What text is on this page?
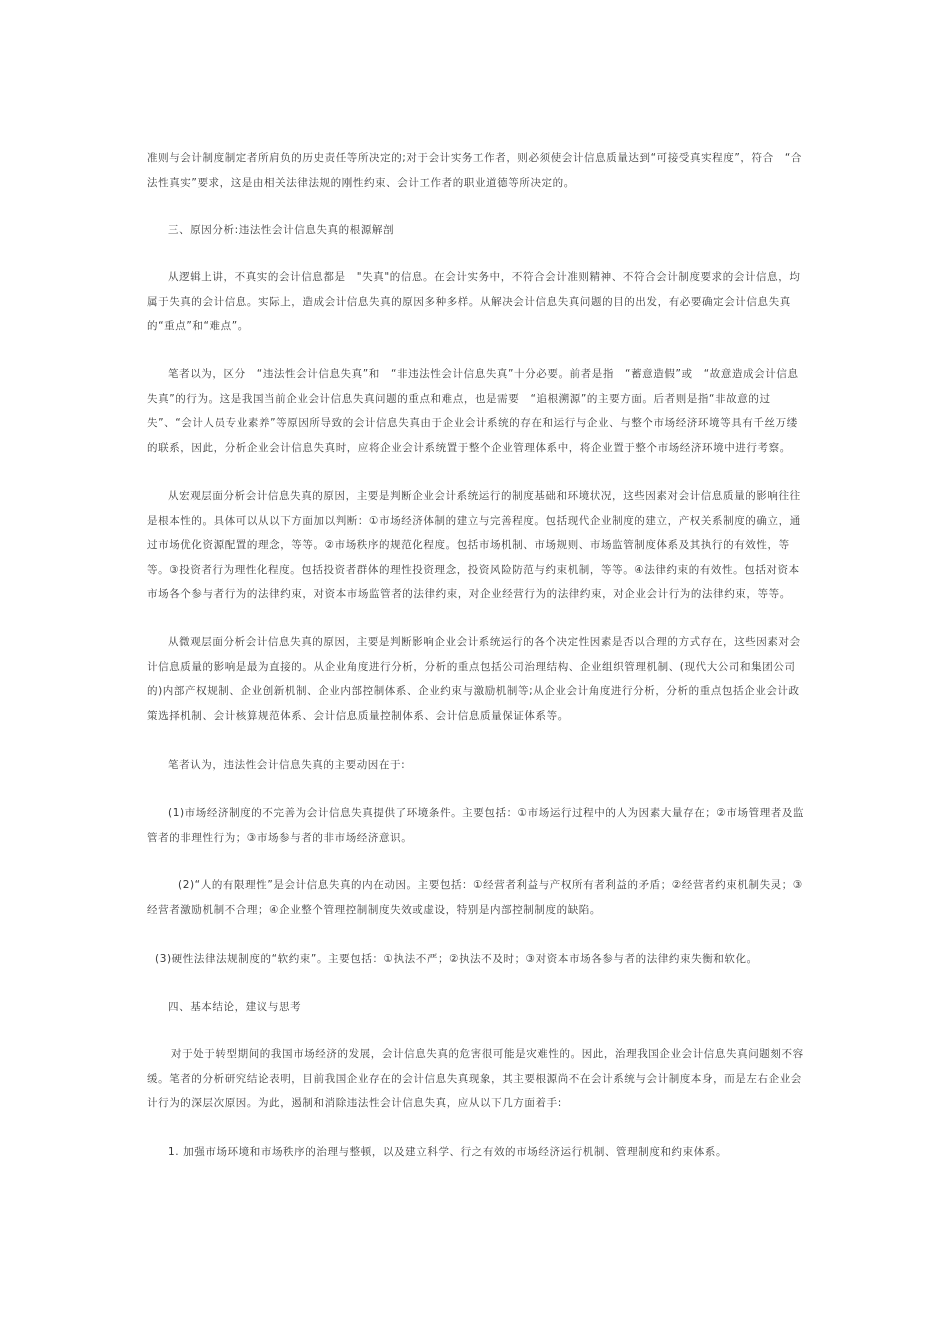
准则与会计制度制定者所肩负的历史责任等所决定的;对于会计实务工作者，则必须使会计信息质量达到“可接受真实程度”，符合　“合法性真实”要求，这是由相关法律法规的刚性约束、会计工作者的职业道德等所决定的。

三、原因分析:违法性会计信息失真的根源解剖

从逻辑上讲，不真实的会计信息都是　"失真"的信息。在会计实务中，不符合会计准则精神、不符合会计制度要求的会计信息，均属于失真的会计信息。实际上，造成会计信息失真的原因多种多样。从解决会计信息失真问题的目的出发，有必要确定会计信息失真的“重点”和“难点”。

笔者以为，区分　“违法性会计信息失真”和　“非违法性会计信息失真”十分必要。前者是指　“蓄意造假”或　“故意造成会计信息失真”的行为。这是我国当前企业会计信息失真问题的重点和难点，也是需要　“追根溯源”的主要方面。后者则是指“非故意的过失”、“会计人员专业素养”等原因所导致的会计信息失真由于企业会计系统的存在和运行与企业、与整个市场经济环境等具有千丝万缕的联系，因此，分析企业会计信息失真时，应将企业会计系统置于整个企业管理体系中，将企业置于整个市场经济环境中进行考察。

从宏观层面分析会计信息失真的原因，主要是判断企业会计系统运行的制度基础和环境状况，这些因素对会计信息质量的影响往往是根本性的。具体可以从以下方面加以判断：①市场经济体制的建立与完善程度。包括现代企业制度的建立，产权关系制度的确立，通过市场优化资源配置的理念，等等。②市场秩序的规范化程度。包括市场机制、市场规则、市场监管制度体系及其执行的有效性，等等。③投资者行为理性化程度。包括投资者群体的理性投资理念，投资风险防范与约束机制，等等。④法律约束的有效性。包括对资本市场各个参与者行为的法律约束，对资本市场监管者的法律约束，对企业经营行为的法律约束，对企业会计行为的法律约束，等等。

从微观层面分析会计信息失真的原因，主要是判断影响企业会计系统运行的各个决定性因素是否以合理的方式存在，这些因素对会计信息质量的影响是最为直接的。从企业角度进行分析，分析的重点包括公司治理结构、企业组织管理机制、(现代大公司和集团公司的)内部产权规制、企业创新机制、企业内部控制体系、企业约束与激励机制等;从企业会计角度进行分析，分析的重点包括企业会计政策选择机制、会计核算规范体系、会计信息质量控制体系、会计信息质量保证体系等。

笔者认为，违法性会计信息失真的主要动因在于:

(1)市场经济制度的不完善为会计信息失真提供了环境条件。主要包括：①市场运行过程中的人为因素大量存在；②市场管理者及监管者的非理性行为；③市场参与者的非市场经济意识。

(2)“人的有限理性”是会计信息失真的内在动因。主要包括：①经营者利益与产权所有者利益的矛盾；②经营者约束机制失灵；③经营者激励机制不合理；④企业整个管理控制制度失效或虚设，特别是内部控制制度的缺陷。

(3)硬性法律法规制度的“软约束”。主要包括：①执法不严；②执法不及时；③对资本市场各参与者的法律约束失衡和软化。

四、基本结论，建议与思考

对于处于转型期间的我国市场经济的发展，会计信息失真的危害很可能是灾难性的。因此，治理我国企业会计信息失真问题刻不容缓。笔者的分析研究结论表明，目前我国企业存在的会计信息失真现象，其主要根源尚不在会计系统与会计制度本身，而是左右企业会计行为的深层次原因。为此，遏制和消除违法性会计信息失真，应从以下几方面着手:

1. 加强市场环境和市场秩序的治理与整顿，以及建立科学、行之有效的市场经济运行机制、管理制度和约束体系。
